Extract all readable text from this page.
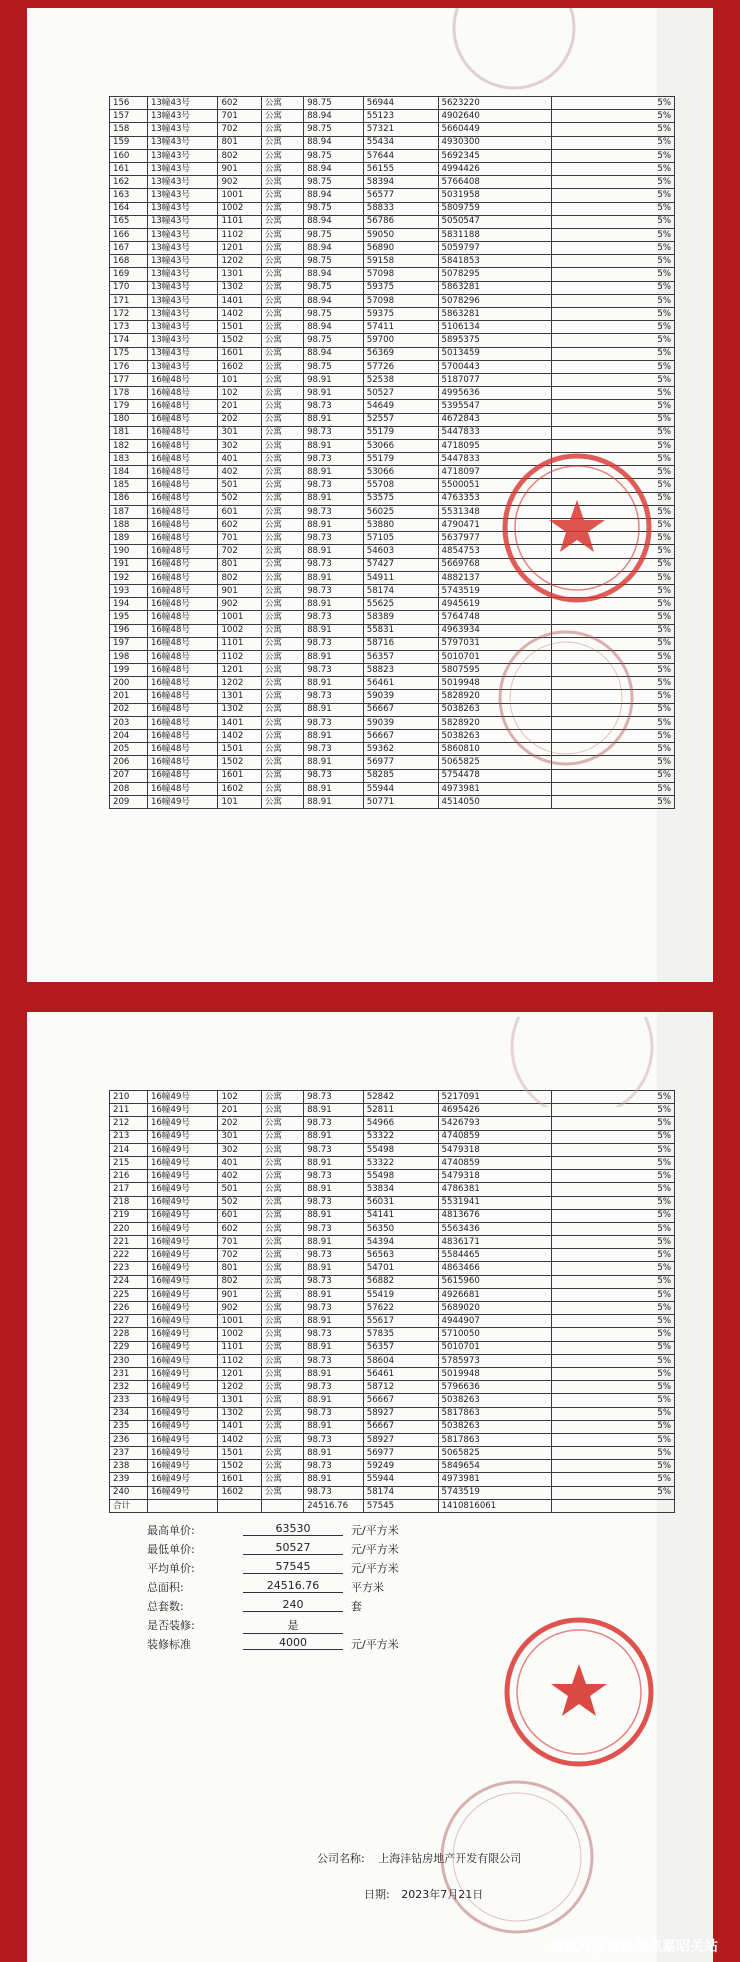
156	13幢43号	602	公寓	98.75	56944	5623220	5%
157	13幢43号	701	公寓	88.94	55123	4902640	5%
158	13幢43号	702	公寓	98.75	57321	5660449	5%
159	13幢43号	801	公寓	88.94	55434	4930300	5%
160	13幢43号	802	公寓	98.75	57644	5692345	5%
161	13幢43号	901	公寓	88.94	56155	4994426	5%
162	13幢43号	902	公寓	98.75	58394	5766408	5%
163	13幢43号	1001	公寓	88.94	56577	5031958	5%
164	13幢43号	1002	公寓	98.75	58833	5809759	5%
165	13幢43号	1101	公寓	88.94	56786	5050547	5%
166	13幢43号	1102	公寓	98.75	59050	5831188	5%
167	13幢43号	1201	公寓	88.94	56890	5059797	5%
168	13幢43号	1202	公寓	98.75	59158	5841853	5%
169	13幢43号	1301	公寓	88.94	57098	5078295	5%
170	13幢43号	1302	公寓	98.75	59375	5863281	5%
171	13幢43号	1401	公寓	88.94	57098	5078296	5%
172	13幢43号	1402	公寓	98.75	59375	5863281	5%
173	13幢43号	1501	公寓	88.94	57411	5106134	5%
174	13幢43号	1502	公寓	98.75	59700	5895375	5%
175	13幢43号	1601	公寓	88.94	56369	5013459	5%
176	13幢43号	1602	公寓	98.75	57726	5700443	5%
177	16幢48号	101	公寓	98.91	52538	5187077	5%
178	16幢48号	102	公寓	98.91	50527	4995636	5%
179	16幢48号	201	公寓	98.73	54649	5395547	5%
180	16幢48号	202	公寓	88.91	52557	4672843	5%
181	16幢48号	301	公寓	98.73	55179	5447833	5%
182	16幢48号	302	公寓	88.91	53066	4718095	5%
183	16幢48号	401	公寓	98.73	55179	5447833	5%
184	16幢48号	402	公寓	88.91	53066	4718097	5%
185	16幢48号	501	公寓	98.73	55708	5500051	5%
186	16幢48号	502	公寓	88.91	53575	4763353	5%
187	16幢48号	601	公寓	98.73	56025	5531348	5%
188	16幢48号	602	公寓	88.91	53880	4790471	5%
189	16幢48号	701	公寓	98.73	57105	5637977	5%
190	16幢48号	702	公寓	88.91	54603	4854753	5%
191	16幢48号	801	公寓	98.73	57427	5669768	5%
192	16幢48号	802	公寓	88.91	54911	4882137	5%
193	16幢48号	901	公寓	98.73	58174	5743519	5%
194	16幢48号	902	公寓	88.91	55625	4945619	5%
195	16幢48号	1001	公寓	98.73	58389	5764748	5%
196	16幢48号	1002	公寓	88.91	55831	4963934	5%
197	16幢48号	1101	公寓	98.73	58716	5797031	5%
198	16幢48号	1102	公寓	88.91	56357	5010701	5%
199	16幢48号	1201	公寓	98.73	58823	5807595	5%
200	16幢48号	1202	公寓	88.91	56461	5019948	5%
201	16幢48号	1301	公寓	98.73	59039	5828920	5%
202	16幢48号	1302	公寓	88.91	56667	5038263	5%
203	16幢48号	1401	公寓	98.73	59039	5828920	5%
204	16幢48号	1402	公寓	88.91	56667	5038263	5%
205	16幢48号	1501	公寓	98.73	59362	5860810	5%
206	16幢48号	1502	公寓	88.91	56977	5065825	5%
207	16幢48号	1601	公寓	98.73	58285	5754478	5%
208	16幢48号	1602	公寓	88.91	55944	4973981	5%
209	16幢49号	101	公寓	88.91	50771	4514050	5%
210	16幢49号	102	公寓	98.73	52842	5217091	5%
211	16幢49号	201	公寓	88.91	52811	4695426	5%
212	16幢49号	202	公寓	98.73	54966	5426793	5%
213	16幢49号	301	公寓	88.91	53322	4740859	5%
214	16幢49号	302	公寓	98.73	55498	5479318	5%
215	16幢49号	401	公寓	88.91	53322	4740859	5%
216	16幢49号	402	公寓	98.73	55498	5479318	5%
217	16幢49号	501	公寓	88.91	53834	4786381	5%
218	16幢49号	502	公寓	98.73	56031	5531941	5%
219	16幢49号	601	公寓	88.91	54141	4813676	5%
220	16幢49号	602	公寓	98.73	56350	5563436	5%
221	16幢49号	701	公寓	88.91	54394	4836171	5%
222	16幢49号	702	公寓	98.73	56563	5584465	5%
223	16幢49号	801	公寓	88.91	54701	4863466	5%
224	16幢49号	802	公寓	98.73	56882	5615960	5%
225	16幢49号	901	公寓	88.91	55419	4926681	5%
226	16幢49号	902	公寓	98.73	57622	5689020	5%
227	16幢49号	1001	公寓	88.91	55617	4944907	5%
228	16幢49号	1002	公寓	98.73	57835	5710050	5%
229	16幢49号	1101	公寓	88.91	56357	5010701	5%
230	16幢49号	1102	公寓	98.73	58604	5785973	5%
231	16幢49号	1201	公寓	88.91	56461	5019948	5%
232	16幢49号	1202	公寓	98.73	58712	5796636	5%
233	16幢49号	1301	公寓	88.91	56667	5038263	5%
234	16幢49号	1302	公寓	98.73	58927	5817863	5%
235	16幢49号	1401	公寓	88.91	56667	5038263	5%
236	16幢49号	1402	公寓	98.73	58927	5817863	5%
237	16幢49号	1501	公寓	88.91	56977	5065825	5%
238	16幢49号	1502	公寓	98.73	59249	5849654	5%
239	16幢49号	1601	公寓	88.91	55944	4973981	5%
240	16幢49号	1602	公寓	98.73	58174	5743519	5%
合计				24516.76	57545	1410816061	
最高单价:	63530	元/平方米
最低单价:	50527	元/平方米
平均单价:	57545	元/平方米
总面积:	24516.76	平方米
总套数:	240	套
是否装修:	是
装修标准	4000	元/平方米
公司名称: 上海沣钻房地产开发有限公司
日期: 2023年7月21日
搜狐号@搜狐焦点嘉昭关站
